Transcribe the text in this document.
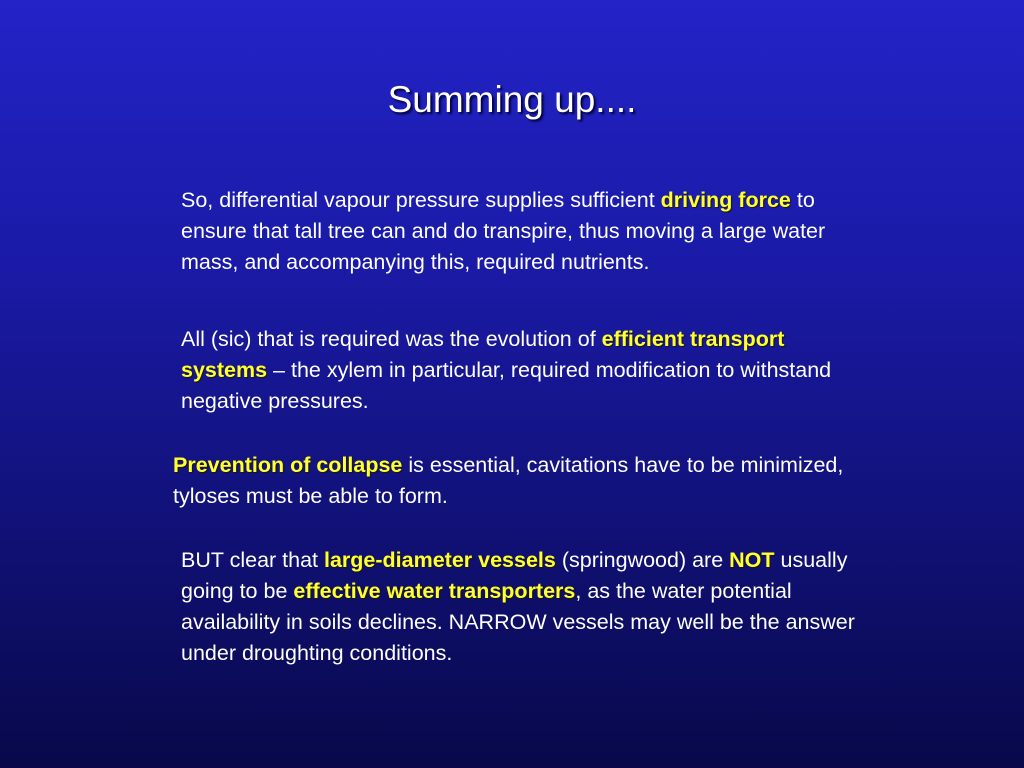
Summing up....
So, differential vapour pressure supplies sufficient driving force to ensure that tall tree can and do transpire, thus moving a large water mass, and accompanying this, required nutrients.
All (sic) that is required was the evolution of efficient transport systems – the xylem in particular, required modification to withstand negative pressures.
Prevention of collapse is essential, cavitations have to be minimized, tyloses must be able to form.
BUT clear that large-diameter vessels (springwood) are NOT usually going to be effective water transporters, as the water potential availability in soils declines. NARROW vessels may well be the answer under droughting conditions.
